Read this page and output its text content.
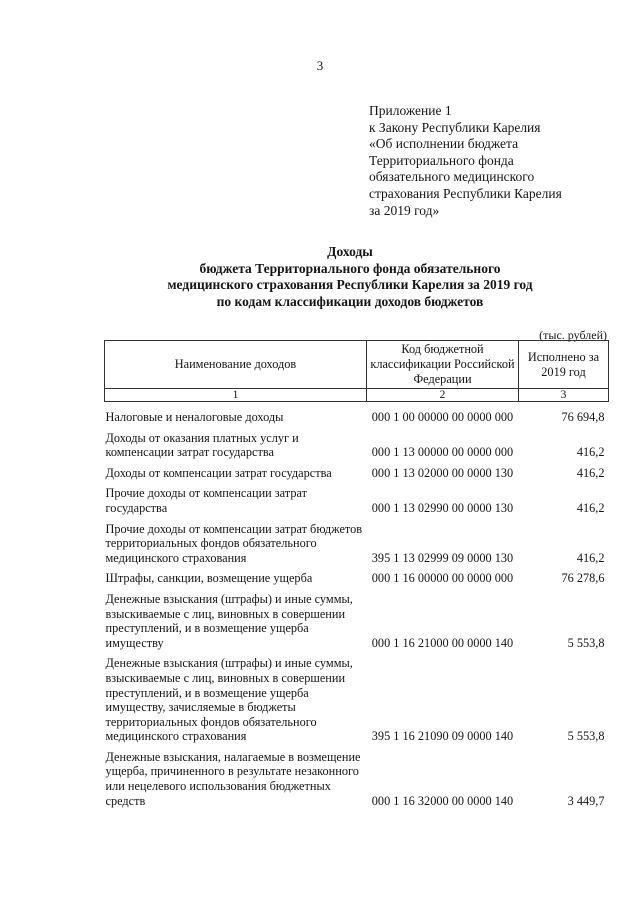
3
Приложение 1
к Закону Республики Карелия
«Об исполнении бюджета
Территориального фонда
обязательного медицинского
страхования Республики Карелия
за 2019 год»
Доходы
бюджета Территориального фонда обязательного
медицинского страхования Республики Карелия за 2019 год
по кодам классификации доходов бюджетов
(тыс. рублей)
Наименование доходов	Код бюджетной классификации Российской Федерации	Исполнено за 2019 год
1	2	3
Налоговые и неналоговые доходы	000 1 00 00000 00 0000 000	76 694,8
Доходы от оказания платных услуг и компенсации затрат государства	000 1 13 00000 00 0000 000	416,2
Доходы от компенсации затрат государства	000 1 13 02000 00 0000 130	416,2
Прочие доходы от компенсации затрат государства	000 1 13 02990 00 0000 130	416,2
Прочие доходы от компенсации затрат бюджетов территориальных фондов обязательного медицинского страхования	395 1 13 02999 09 0000 130	416,2
Штрафы, санкции, возмещение ущерба	000 1 16 00000 00 0000 000	76 278,6
Денежные взыскания (штрафы) и иные суммы, взыскиваемые с лиц, виновных в совершении преступлений, и в возмещение ущерба имуществу	000 1 16 21000 00 0000 140	5 553,8
Денежные взыскания (штрафы) и иные суммы, взыскиваемые с лиц, виновных в совершении преступлений, и в возмещение ущерба имуществу, зачисляемые в бюджеты территориальных фондов обязательного медицинского страхования	395 1 16 21090 09 0000 140	5 553,8
Денежные взыскания, налагаемые в возмещение ущерба, причиненного в результате незаконного или нецелевого использования бюджетных средств	000 1 16 32000 00 0000 140	3 449,7
